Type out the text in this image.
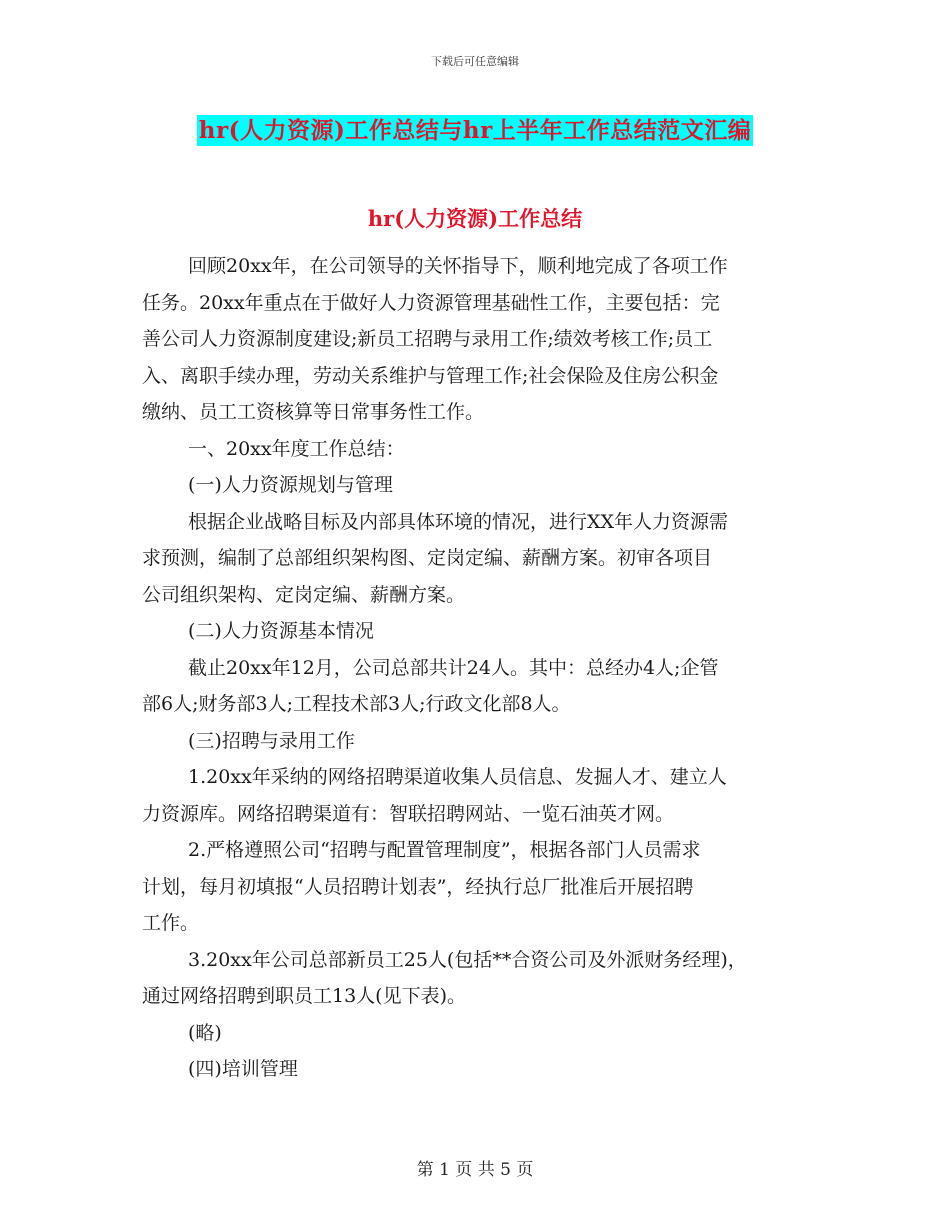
下载后可任意编辑
hr(人力资源)工作总结与hr上半年工作总结范文汇编
hr(人力资源)工作总结
回顾20xx年，在公司领导的关怀指导下，顺利地完成了各项工作
任务。20xx年重点在于做好人力资源管理基础性工作，主要包括：完
善公司人力资源制度建设;新员工招聘与录用工作;绩效考核工作;员工
入、离职手续办理，劳动关系维护与管理工作;社会保险及住房公积金
缴纳、员工工资核算等日常事务性工作。
一、20xx年度工作总结：
(一)人力资源规划与管理
根据企业战略目标及内部具体环境的情况，进行XX年人力资源需
求预测，编制了总部组织架构图、定岗定编、薪酬方案。初审各项目
公司组织架构、定岗定编、薪酬方案。
(二)人力资源基本情况
截止20xx年12月，公司总部共计24人。其中：总经办4人;企管
部6人;财务部3人;工程技术部3人;行政文化部8人。
(三)招聘与录用工作
1.20xx年采纳的网络招聘渠道收集人员信息、发掘人才、建立人
力资源库。网络招聘渠道有：智联招聘网站、一览石油英才网。
2.严格遵照公司“招聘与配置管理制度”，根据各部门人员需求
计划，每月初填报“人员招聘计划表”，经执行总厂批准后开展招聘
工作。
3.20xx年公司总部新员工25人(包括**合资公司及外派财务经理)，
通过网络招聘到职员工13人(见下表)。
(略)
(四)培训管理
第 1 页 共 5 页
